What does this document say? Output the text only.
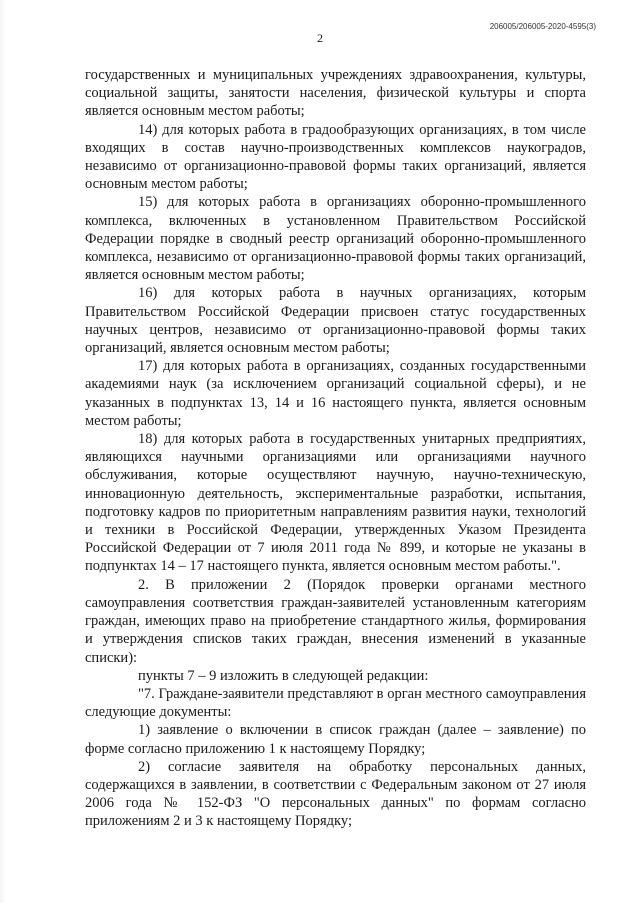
206005/206005-2020-4595(3)
2

государственных и муниципальных учреждениях здравоохранения, культуры, социальной защиты, занятости населения, физической культуры и спорта является основным местом работы;

14) для которых работа в градообразующих организациях, в том числе входящих в состав научно-производственных комплексов наукоградов, независимо от организационно-правовой формы таких организаций, является основным местом работы;

15) для которых работа в организациях оборонно-промышленного комплекса, включенных в установленном Правительством Российской Федерации порядке в сводный реестр организаций оборонно-промышленного комплекса, независимо от организационно-правовой формы таких организаций, является основным местом работы;

16) для которых работа в научных организациях, которым Правительством Российской Федерации присвоен статус государственных научных центров, независимо от организационно-правовой формы таких организаций, является основным местом работы;

17) для которых работа в организациях, созданных государственными академиями наук (за исключением организаций социальной сферы), и не указанных в подпунктах 13, 14 и 16 настоящего пункта, является основным местом работы;

18) для которых работа в государственных унитарных предприятиях, являющихся научными организациями или организациями научного обслуживания, которые осуществляют научную, научно-техническую, инновационную деятельность, экспериментальные разработки, испытания, подготовку кадров по приоритетным направлениям развития науки, технологий и техники в Российской Федерации, утвержденных Указом Президента Российской Федерации от 7 июля 2011 года № 899, и которые не указаны в подпунктах 14 – 17 настоящего пункта, является основным местом работы.".

2. В приложении 2 (Порядок проверки органами местного самоуправления соответствия граждан-заявителей установленным категориям граждан, имеющих право на приобретение стандартного жилья, формирования и утверждения списков таких граждан, внесения изменений в указанные списки):

пункты 7 – 9 изложить в следующей редакции:

"7. Граждане-заявители представляют в орган местного самоуправления следующие документы:

1) заявление о включении в список граждан (далее – заявление) по форме согласно приложению 1 к настоящему Порядку;

2) согласие заявителя на обработку персональных данных, содержащихся в заявлении, в соответствии с Федеральным законом от 27 июля 2006 года № 152-ФЗ "О персональных данных" по формам согласно приложениям 2 и 3 к настоящему Порядку;
